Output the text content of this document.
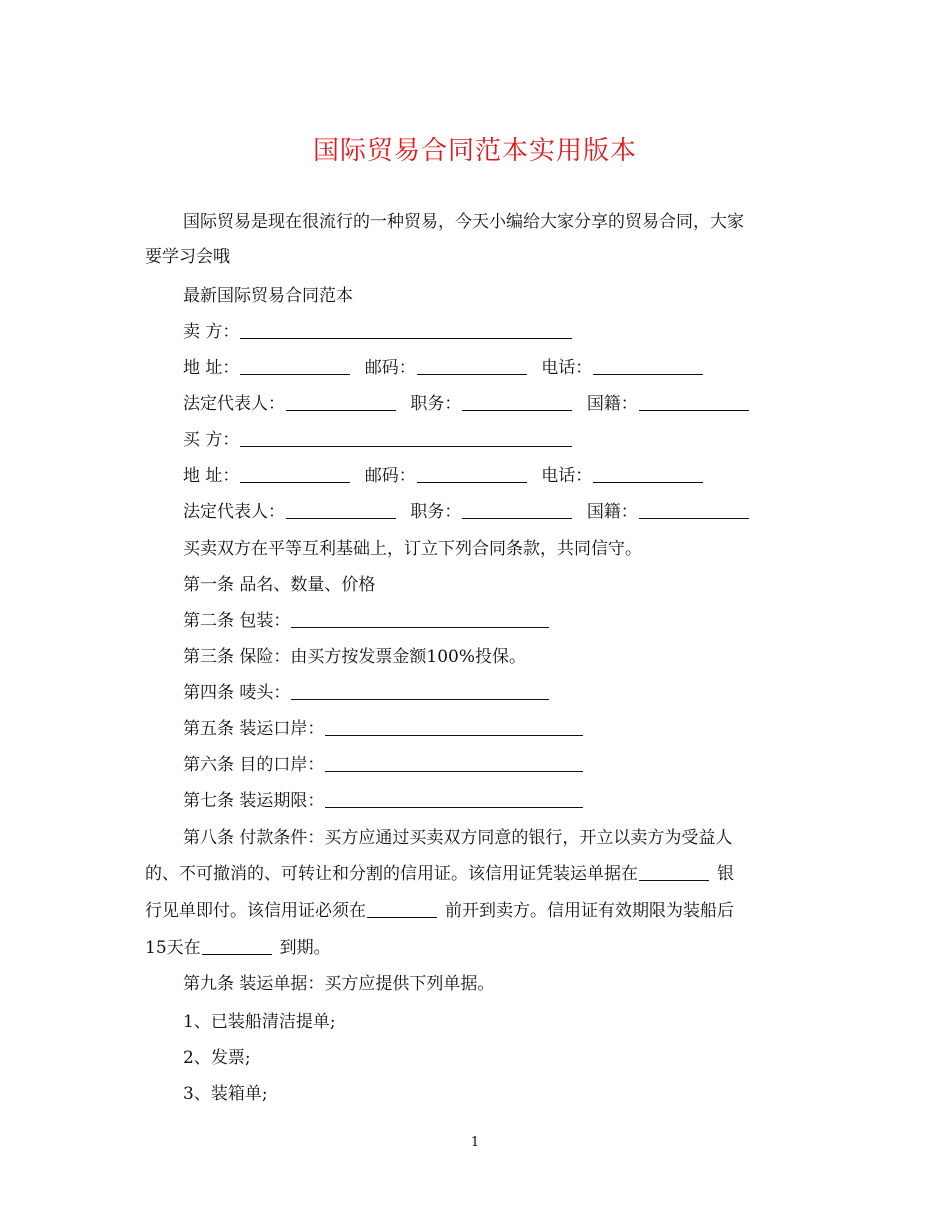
国际贸易合同范本实用版本
国际贸易是现在很流行的一种贸易，今天小编给大家分享的贸易合同，大家
要学习会哦
最新国际贸易合同范本
卖 方：
地 址：	邮码：	电话：
法定代表人：	职务：	国籍：
买 方：
地 址：	邮码：	电话：
法定代表人：	职务：	国籍：
买卖双方在平等互利基础上，订立下列合同条款，共同信守。
第一条 品名、数量、价格
第二条 包装：
第三条 保险：由买方按发票金额100%投保。
第四条 唛头：
第五条 装运口岸：
第六条 目的口岸：
第七条 装运期限：
第八条 付款条件：买方应通过买卖双方同意的银行，开立以卖方为受益人
的、不可撤消的、可转让和分割的信用证。该信用证凭装运单据在	银
行见单即付。该信用证必须在	前开到卖方。信用证有效期限为装船后
15天在	到期。
第九条 装运单据：买方应提供下列单据。
1、已装船清洁提单;
2、发票;
3、装箱单;
1
